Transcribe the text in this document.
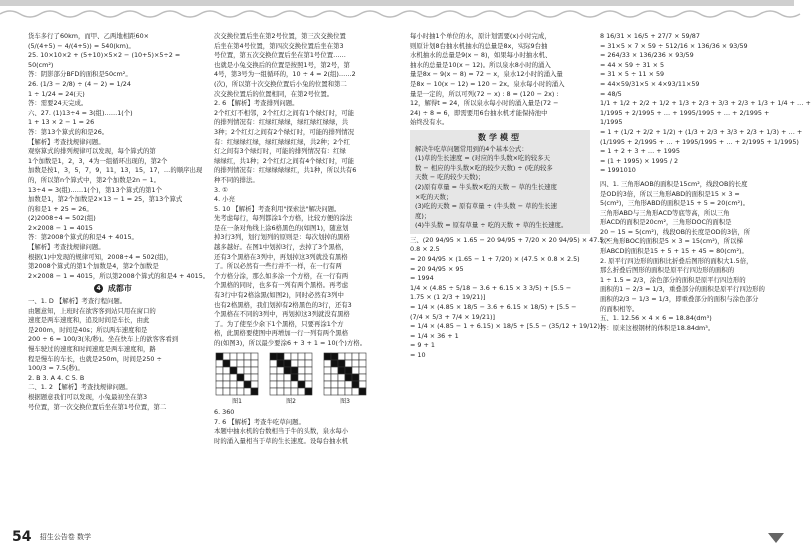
货车多行了60km，而甲、乙两地相距60×
(5/(4+5) − 4/(4+5)) = 540(km)。
25. 10×10×2 + (5+10)×5×2 − (10+5)×5÷2 =
50(cm²)
答：阴影部分BFD的面积是50cm²。
26. (1/3 − 2/8) ÷ (4 − 2) = 1/24
1 ÷ 1/24 = 24(天)
答：需要24天完成。
六、27. (1)13÷4 = 3(组)……1(个)
1 + 13 × 2 − 1 = 26
答：第13个算式的和是26。
【解析】考查找规律问题。
观察算式的排列规律可以发现，每个算式的第
1个加数是1，2，3，4为一组循环出现的，第2个
加数是按1，3，5，7，9，11，13，15，17，…的顺序出现
的，所以第n个算式中，第2个加数是2n − 1。
13÷4 = 3(组)……1(个)，第13个算式的第1个
加数是1，第2个加数是2×13 − 1 = 25，第13个算式
的和是1 + 25 = 26。
(2)2008÷4 = 502(组)
2×2008 − 1 = 4015
答：第2008个算式的和是4 + 4015。
【解析】考查找规律问题。
根据(1)中发现的规律可知，2008÷4 = 502(组)，
第2008个算式的第1个加数是4，第2个加数是
2×2008 − 1 = 4015，所以第2008个算式的和是4 + 4015。
4 成都市
一、1. D 【解析】考查行程问题。
由题意知，上班时在欲客客到站只用在窗口的
速度是两车速度和，追及时间是车长，由此
是200m，时间是40s；所以两车速度和是
200 ÷ 6 = 100/3(米/秒)。坐在快车上的欲客客看到
慢车驶过的速度和时间速度是两车速度和，路
程是慢车的车长，也就是250m，时间是250 ÷
100/3 = 7.5(秒)。
2. B 3. A 4. C 5. B
二、1. 2 【解析】考查找规律问题。
根据题意我们可以发现，小兔最初坐在第3
号位置，第一次交换位置后坐在第1号位置，第二
次交换位置后坐在第2号位置，第三次交换位置
后坐在第4号位置，第四次交换位置后坐在第3
号位置，第五次交换位置后坐在第1号位置……
也就是小兔交换后的位置是按照1号，第2号，第
4号，第3号为一组循环的，10 ÷ 4 = 2(组)……2
(次)，所以第十次交换位置后小兔的位置和第二
次交换位置后的位置相同，在第2号位置。
2. 6 【解析】考查排列问题。
2个红灯不相邻，2个红灯之间有1个绿灯时，可能
的排列情况有：红绿红绿绿，绿红绿红绿绿，共
3种；2个红灯之间有2个绿灯时，可能的排列情况
有：红绿绿红绿，绿红绿绿红绿，共2种；2个红
灯之间有3个绿灯时，可能的排列情况有：红绿
绿绿红，共1种；2个红灯之间有4个绿灯时，可能
的排列情况有：红绿绿绿绿红，共1种，所以共有6
种不同的排法。
3. ①
4. 小亮
5. 10 【解析】考查利用"探索法"解决问题。
先考虑每行，每列都涂1个方格，比较方便的涂法
是在一条对角线上涂6格黑色的(如图1)，随意划
掉3行3列，划行划列的原则是：每次划掉的黑格
越多越好。在图1中划掉3行，去掉了3个黑格，
还有3个黑格在3列中，再划掉这3列就没有黑格
了。所以必然有一些行并不一样，在一行有两
个方格分涂，那么如多涂一个方格，在一行有两
个黑格的同时，也多有一列有两个黑格。再考虑
有3行中有2格涂黑(如图2)，同时必然有3列中
也有2格黑格，我们划掉有2格黑色的3行，还有3
个黑格在不同的3列中，再划掉这3列就没有黑格
了。为了使至少余下1个黑格，只要再涂1个方
格，此黑格要使图中再增加一行一列有两个黑格
的(如图3)，所以最少要涂6 + 3 + 1 = 10(个)方格。
图1	图2	图3
6. 360
7. 6 【解析】考查牛吃草问题。
本题中抽水机的台数相当于牛的头数，泉水每小
时的涌入量相当于草的生长速度。设每台抽水机
每小时抽1个单位的水，原计划需要(x)小时完成，
则原计划8台抽水机抽水的总量是8x，实际9台抽
水机抽水的总量是9(x − 8)，如果每小时抽水机、
抽水的总量是10(x − 12)。所以泉水8小时的涌入
量是8x − 9(x − 8) = 72 − x，泉水12小时的涌入量
是8x − 10(x − 12) = 120 − 2x。泉水每小时的涌入
量是一定的，所以可列(72 − x) : 8 = (120 − 2x) :
12，解得t = 24，所以泉水每小时的涌入量是(72 −
24) ÷ 8 = 6，即需要用6台抽水机才能保持池中
始终没有水。
数学模型
解决牛吃草问题常用到的4个基本公式：
(1)草的生长速度 = (对应的牛头数×吃的较多天
数 − 相应的牛头数×吃的较少天数) ÷ (吃的较多
天数 − 吃的较少天数)；
(2)原有草量 = 牛头数×吃的天数 − 草的生长速度
×吃的天数；
(3)吃的天数 = 原有草量 ÷ (牛头数 − 草的生长速
度)；
(4)牛头数 = 原有草量 ÷ 吃的天数 + 草的生长速度。
三、(20 94/95 × 1.65 − 20 94/95 + 7/20 × 20 94/95) × 47.5 ×
0.8 × 2.5
= 20 94/95 × (1.65 − 1 + 7/20) × (47.5 × 0.8 × 2.5)
= 20 94/95 × 95
= 1994
1/4 × (4.85 ÷ 5/18 − 3.6 + 6.15 × 3 3/5) + [5.5 −
1.75 × (1 2/3 + 19/21)]
= 1/4 × (4.85 × 18/5 − 3.6 + 6.15 × 18/5) + [5.5 −
(7/4 × 5/3 + 7/4 × 19/21)]
= 1/4 × (4.85 − 1 + 6.15) × 18/5 + [5.5 − (35/12 + 19/12)]
= 1/4 × 36 + 1
= 9 + 1
= 10
8 16/31 × 16/5 + 27/7 × 59/87
= 31×5 × 7 × 59 ÷ 512/16 × 136/36 × 93/59
= 264/33 × 136/236 × 93/59
= 44 × 59 ÷ 31 × 5
= 31 × 5 ÷ 11 × 59
= 44×59/31×5 × 4×93/11×59
= 48/5
1/1 + 1/2 + 2/2 + 1/2 + 1/3 + 2/3 + 3/3 + 2/3 + 1/3 + 1/4 + … +
1/1995 + 2/1995 + … + 1995/1995 + … + 2/1995 +
1/1995
= 1 + (1/2 + 2/2 + 1/2) + (1/3 + 2/3 + 3/3 + 2/3 + 1/3) + … +
(1/1995 + 2/1995 + … + 1995/1995 + … + 2/1995 + 1/1995)
= 1 + 2 + 3 + … + 1995
= (1 + 1995) × 1995 / 2
= 1991010
四、1. 三角形AOB的面积是15cm²，线段OB的长度
是OD的3倍，所以三角形ABD的面积是15 × 3 =
5(cm²)，三角形ABD的面积是15 + 5 = 20(cm²)。
三角形ABD与三角形ACD等底等高，所以三角
形ACD的面积是20cm²，三角形DOC的面积是
20 − 15 = 5(cm²)，线段OB的长度是OD的3倍，所
以三角形BOC的面积是5 × 3 = 15(cm²)，所以梯
形ABCD的面积是15 + 5 + 15 + 45 = 80(cm²)。
2. 原平行四边形的面积比折叠后图形的面积大1.5倍，
那么折叠后图形的面积是原平行四边形的面积的
1 ÷ 1.5 = 2/3，涂色部分的面积是原平行四边形的
面积的1 − 2/3 = 1/3，重叠部分的面积是原平行四边形的
面积的2/3 − 1/3 = 1/3，即重叠部分的面积与涂色部分
的面积相等。
五、1. 12.56 × 4 × 6 = 18.84(dm³)
答：原来这根钢材的体积是18.84dm³。
54 招生公告卷 数学
